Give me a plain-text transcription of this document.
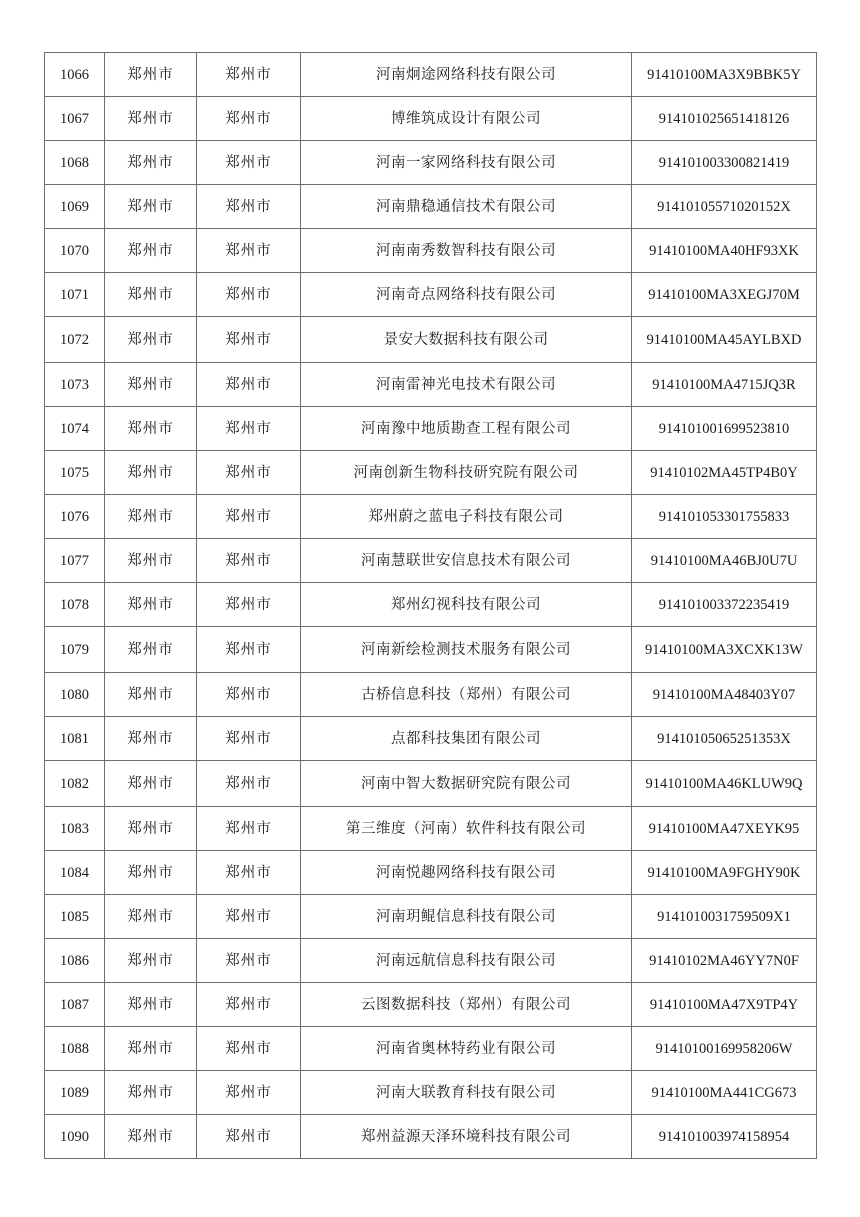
1066	郑州市	郑州市	河南炯途网络科技有限公司	91410100MA3X9BBK5Y
1067	郑州市	郑州市	博维筑成设计有限公司	914101025651418126
1068	郑州市	郑州市	河南一家网络科技有限公司	914101003300821419
1069	郑州市	郑州市	河南鼎稳通信技术有限公司	91410105571020152X
1070	郑州市	郑州市	河南南秀数智科技有限公司	91410100MA40HF93XK
1071	郑州市	郑州市	河南奇点网络科技有限公司	91410100MA3XEGJ70M
1072	郑州市	郑州市	景安大数据科技有限公司	91410100MA45AYLBXD
1073	郑州市	郑州市	河南雷神光电技术有限公司	91410100MA4715JQ3R
1074	郑州市	郑州市	河南豫中地质勘查工程有限公司	914101001699523810
1075	郑州市	郑州市	河南创新生物科技研究院有限公司	91410102MA45TP4B0Y
1076	郑州市	郑州市	郑州蔚之蓝电子科技有限公司	914101053301755833
1077	郑州市	郑州市	河南慧联世安信息技术有限公司	91410100MA46BJ0U7U
1078	郑州市	郑州市	郑州幻视科技有限公司	914101003372235419
1079	郑州市	郑州市	河南新绘检测技术服务有限公司	91410100MA3XCXK13W
1080	郑州市	郑州市	古桥信息科技（郑州）有限公司	91410100MA48403Y07
1081	郑州市	郑州市	点都科技集团有限公司	91410105065251353X
1082	郑州市	郑州市	河南中智大数据研究院有限公司	91410100MA46KLUW9Q
1083	郑州市	郑州市	第三维度（河南）软件科技有限公司	91410100MA47XEYK95
1084	郑州市	郑州市	河南悦趣网络科技有限公司	91410100MA9FGHY90K
1085	郑州市	郑州市	河南玥鲲信息科技有限公司	9141010031759509X1
1086	郑州市	郑州市	河南远航信息科技有限公司	91410102MA46YY7N0F
1087	郑州市	郑州市	云图数据科技（郑州）有限公司	91410100MA47X9TP4Y
1088	郑州市	郑州市	河南省奥林特药业有限公司	91410100169958206W
1089	郑州市	郑州市	河南大联教育科技有限公司	91410100MA441CG673
1090	郑州市	郑州市	郑州益源天泽环境科技有限公司	914101003974158954
